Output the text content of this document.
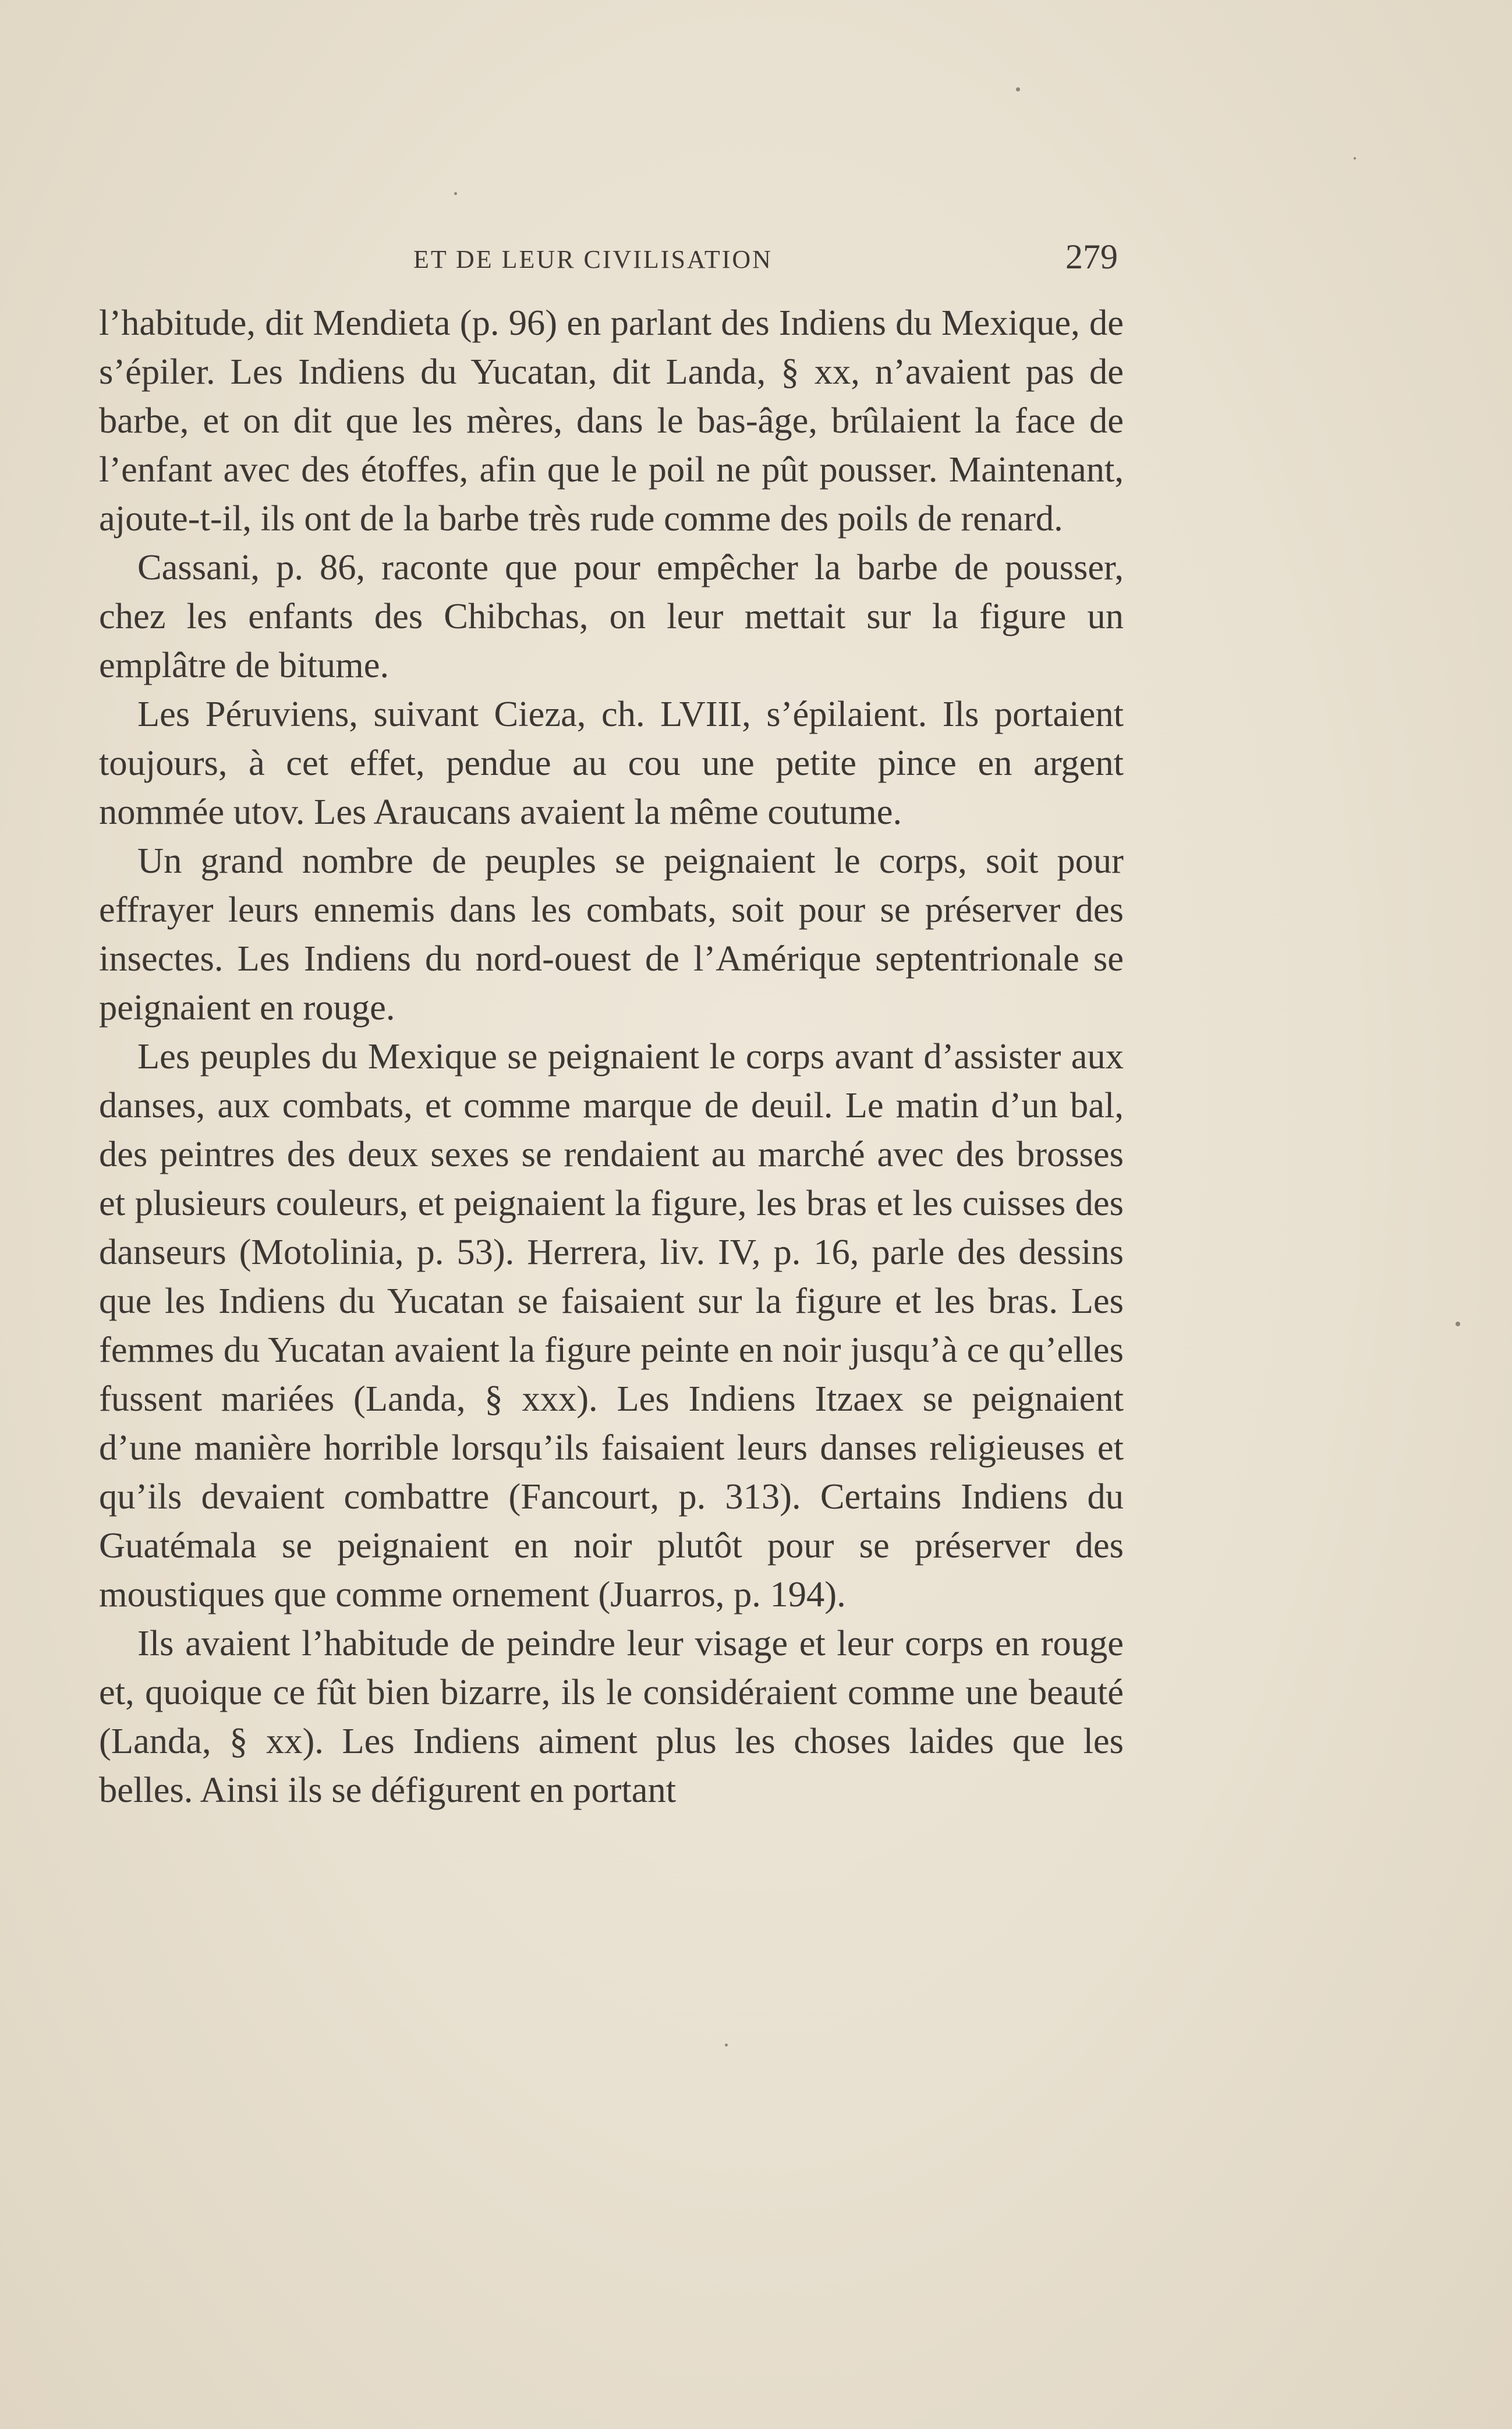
ET DE LEUR CIVILISATION	279

l’habitude, dit Mendieta (p. 96) en parlant des Indiens du Mexique, de s’épiler. Les Indiens du Yucatan, dit Landa, § xx, n’avaient pas de barbe, et on dit que les mères, dans le bas-âge, brûlaient la face de l’enfant avec des étoffes, afin que le poil ne pût pousser. Maintenant, ajoute-t-il, ils ont de la barbe très rude comme des poils de renard.

Cassani, p. 86, raconte que pour empêcher la barbe de pousser, chez les enfants des Chibchas, on leur mettait sur la figure un emplâtre de bitume.

Les Péruviens, suivant Cieza, ch. LVIII, s’épilaient. Ils portaient toujours, à cet effet, pendue au cou une petite pince en argent nommée utov. Les Araucans avaient la même coutume.

Un grand nombre de peuples se peignaient le corps, soit pour effrayer leurs ennemis dans les combats, soit pour se préserver des insectes. Les Indiens du nord-ouest de l’Amérique septentrionale se peignaient en rouge.

Les peuples du Mexique se peignaient le corps avant d’assister aux danses, aux combats, et comme marque de deuil. Le matin d’un bal, des peintres des deux sexes se rendaient au marché avec des brosses et plusieurs couleurs, et peignaient la figure, les bras et les cuisses des danseurs (Motolinia, p. 53). Herrera, liv. IV, p. 16, parle des dessins que les Indiens du Yucatan se faisaient sur la figure et les bras. Les femmes du Yucatan avaient la figure peinte en noir jusqu’à ce qu’elles fussent mariées (Landa, § xxx). Les Indiens Itzaex se peignaient d’une manière horrible lorsqu’ils faisaient leurs danses religieuses et qu’ils devaient combattre (Fancourt, p. 313). Certains Indiens du Guatémala se peignaient en noir plutôt pour se préserver des moustiques que comme ornement (Juarros, p. 194).

Ils avaient l’habitude de peindre leur visage et leur corps en rouge et, quoique ce fût bien bizarre, ils le considéraient comme une beauté (Landa, § xx). Les Indiens aiment plus les choses laides que les belles. Ainsi ils se défigurent en portant
